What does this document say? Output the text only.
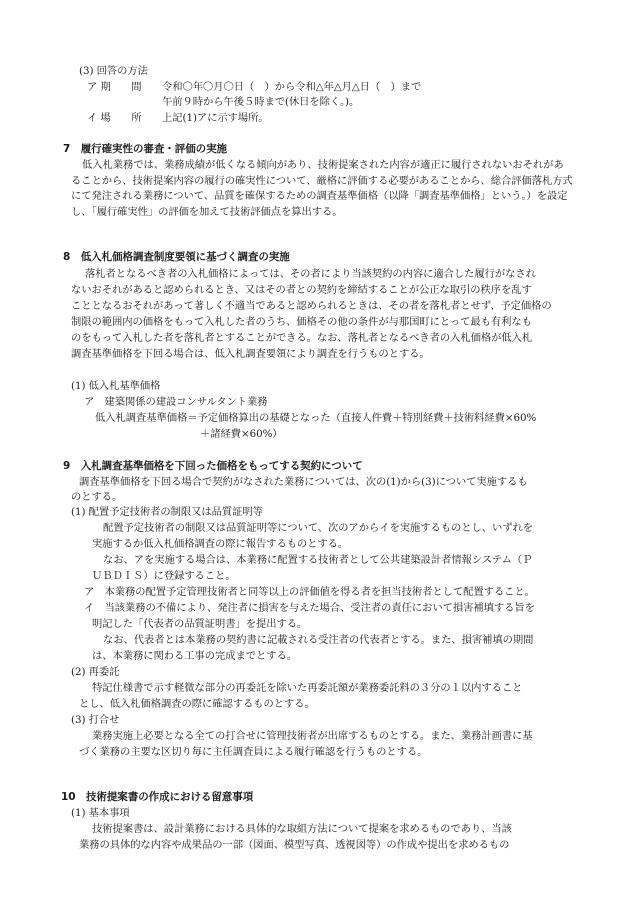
(3) 回答の方法
ア 期　　間 令和〇年〇月〇日（　）から令和△年△月△日（　）まで
午前９時から午後５時まで(休日を除く。)。
イ 場　　所 上記(1)アに示す場所。
7　履行確実性の審査・評価の実施
低入札業務では、業務成績が低くなる傾向があり、技術提案された内容が適正に履行されないおそれがあ
ることから、技術提案内容の履行の確実性について、厳格に評価する必要があることから、総合評価落札方式
にて発注される業務について、品質を確保するための調査基準価格（以降「調査基準価格」という。）を設定
し、「履行確実性」の評価を加えて技術評価点を算出する。
8　低入札価格調査制度要領に基づく調査の実施
落札者となるべき者の入札価格によっては、その者により当該契約の内容に適合した履行がなされ
ないおそれがあると認められるとき、又はその者との契約を締結することが公正な取引の秩序を乱す
こととなるおそれがあって著しく不適当であると認められるときは、その者を落札者とせず、予定価格の
制限の範囲内の価格をもって入札した者のうち、価格その他の条件が与那国町にとって最も有利なも
のをもって入札した者を落札者とすることができる。なお、落札者となるべき者の入札価格が低入札
調査基準価格を下回る場合は、低入札調査要領により調査を行うものとする。
(1) 低入札基準価格
ア　建築関係の建設コンサルタント業務
低入札調査基準価格＝予定価格算出の基礎となった（直接人件費＋特別経費＋技術料経費×60%
＋諸経費×60%）
9　入札調査基準価格を下回った価格をもってする契約について
調査基準価格を下回る場合で契約がなされた業務については、次の(1)から(3)について実施するも
のとする。
(1) 配置予定技術者の制限又は品質証明等
配置予定技術者の制限又は品質証明等について、次のアからイを実施するものとし、いずれを
実施するか低入札価格調査の際に報告するものとする。
なお、アを実施する場合は、本業務に配置する技術者として公共建築設計者情報システム（Ｐ
ＵＢＤＩＳ）に登録すること。
ア　本業務の配置予定管理技術者と同等以上の評価値を得る者を担当技術者として配置すること。
イ　当該業務の不備により、発注者に損害を与えた場合、受注者の責任において損害補填する旨を
明記した「代表者の品質証明書」を提出する。
なお、代表者とは本業務の契約書に記載される受注者の代表者とする。また、損害補填の期間
は、本業務に関わる工事の完成までとする。
(2) 再委託
特記仕様書で示す軽微な部分の再委託を除いた再委託額が業務委託料の３分の１以内すること
とし、低入札価格調査の際に確認するものとする。
(3) 打合せ
業務実施上必要となる全ての打合せに管理技術者が出席するものとする。また、業務計画書に基
づく業務の主要な区切り毎に主任調査員による履行確認を行うものとする。
10　技術提案書の作成における留意事項
(1) 基本事項
技術提案書は、設計業務における具体的な取組方法について提案を求めるものであり、当該
業務の具体的な内容や成果品の一部（図面、模型写真、透視図等）の作成や提出を求めるもの
